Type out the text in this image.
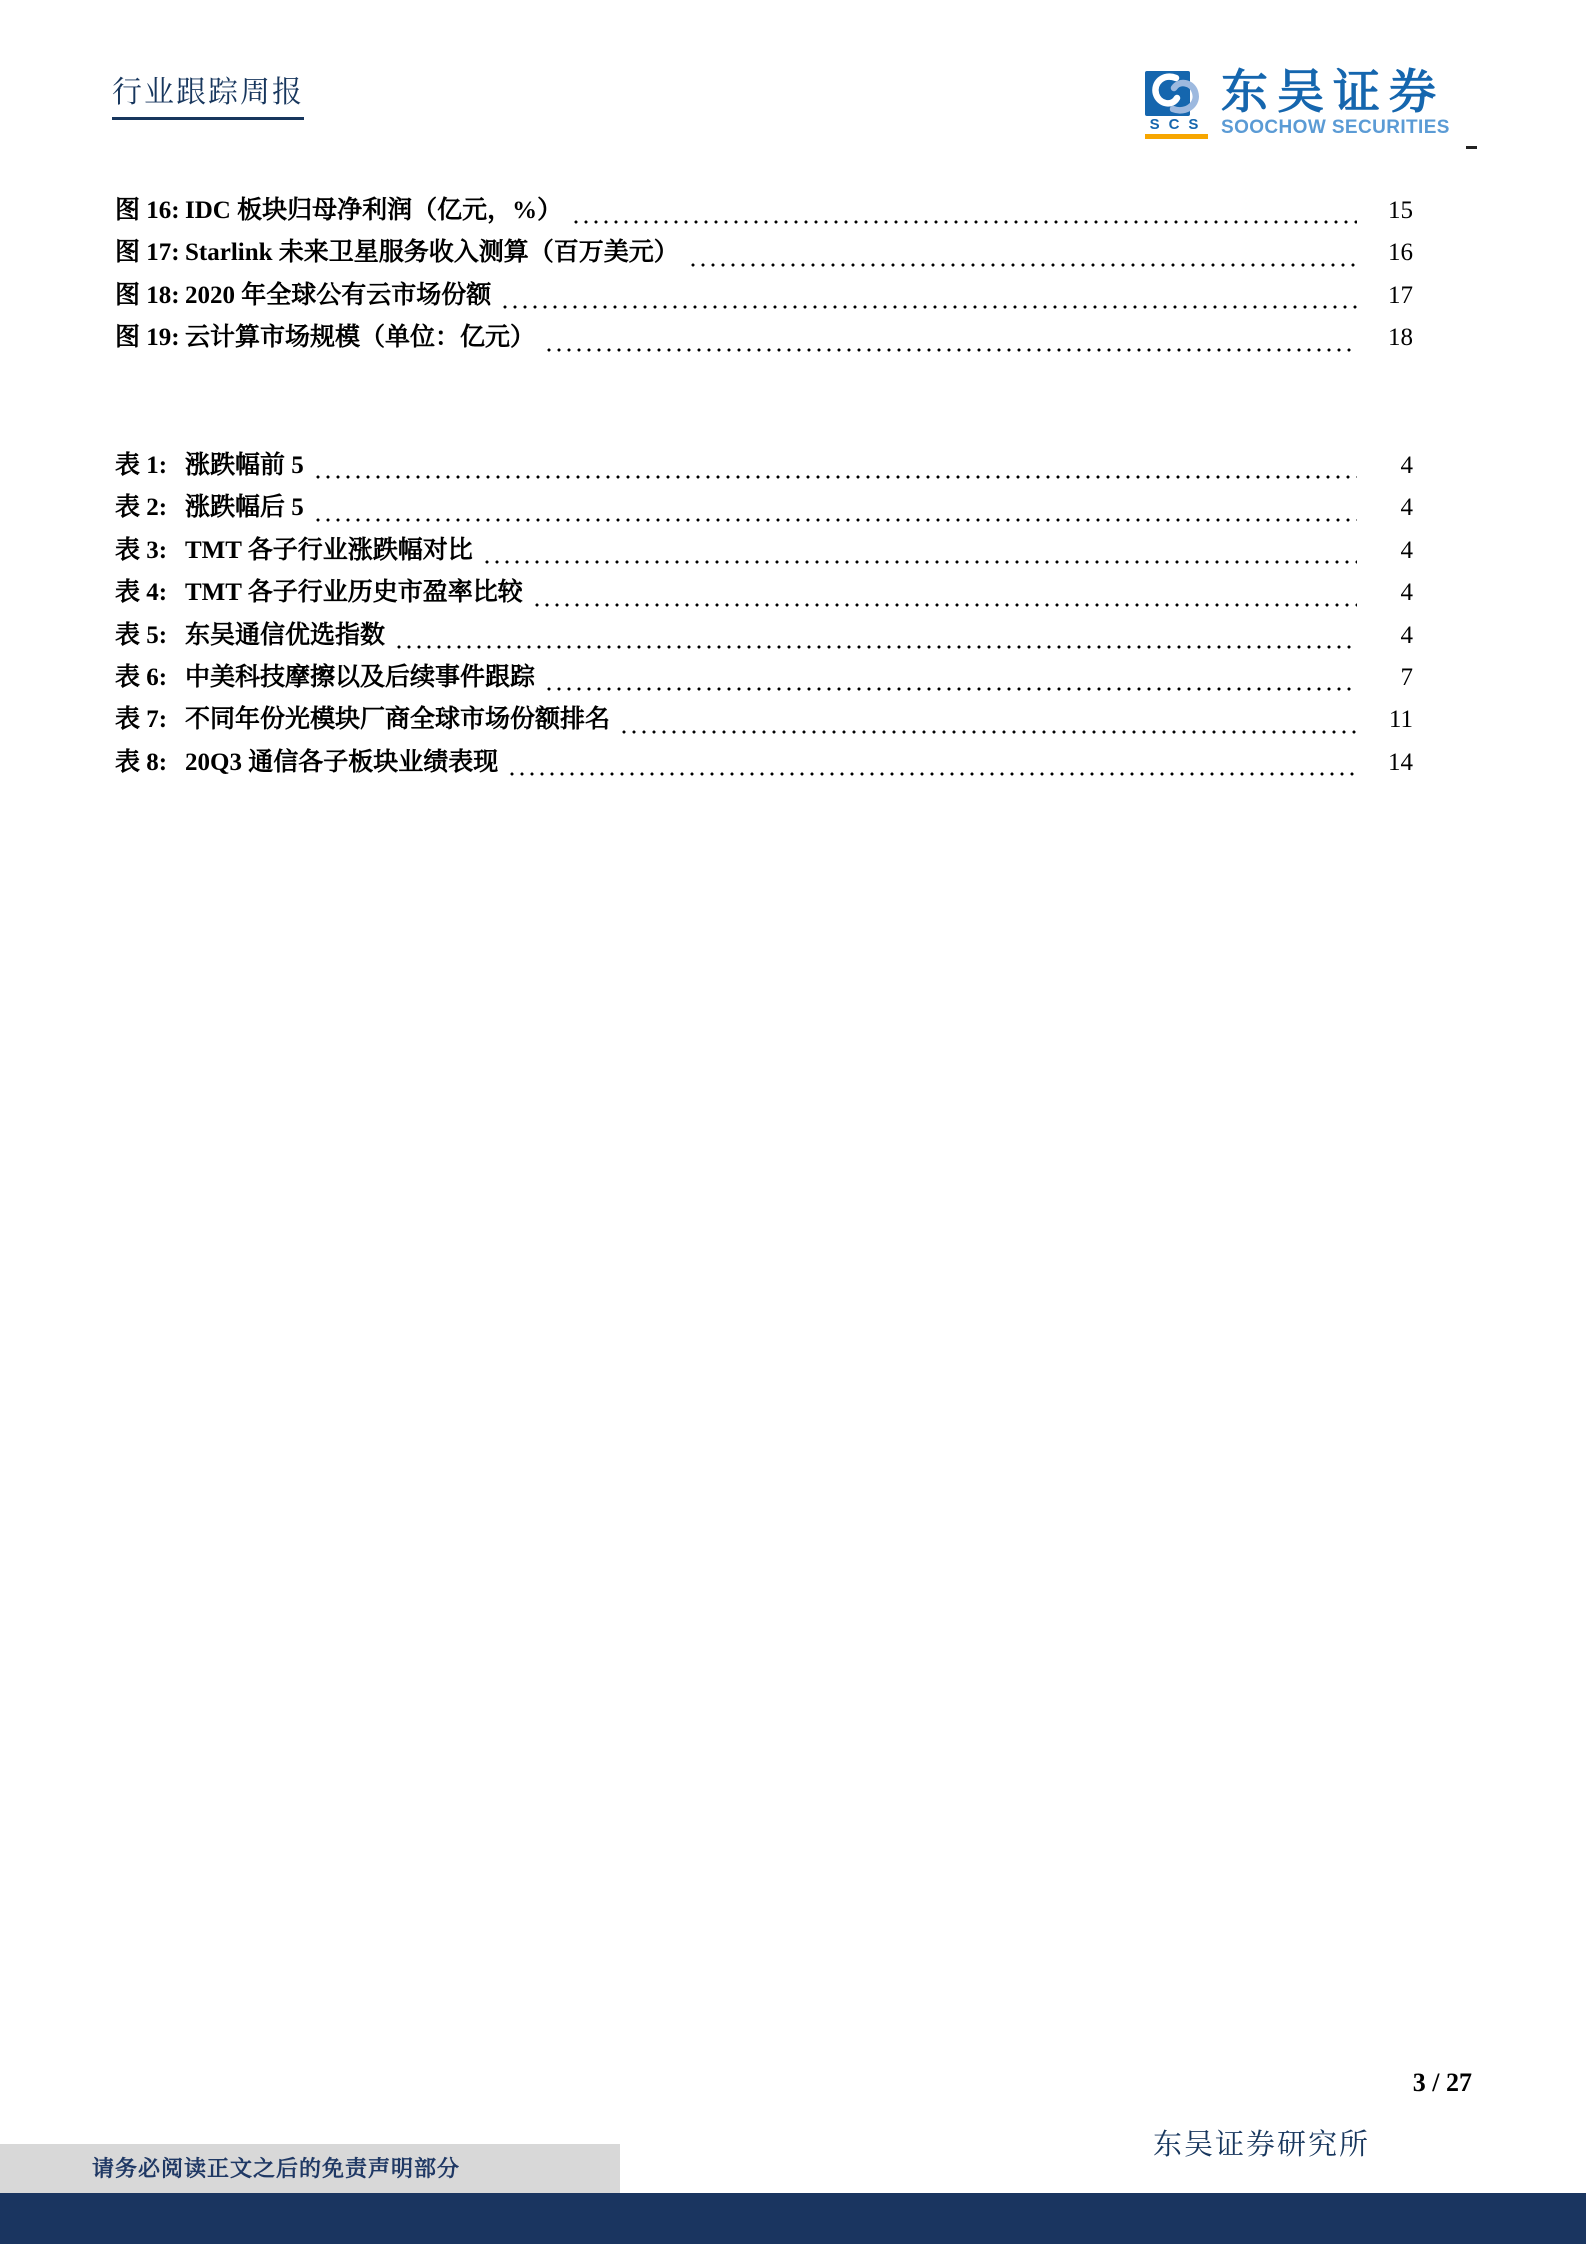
行业跟踪周报
SCS
东吴证券
SOOCHOW SECURITIES
图 16: IDC 板块归母净利润（亿元，%）	15
图 17: Starlink 未来卫星服务收入测算（百万美元）	16
图 18: 2020 年全球公有云市场份额	17
图 19: 云计算市场规模（单位：亿元）	18
表 1: 涨跌幅前 5	4
表 2: 涨跌幅后 5	4
表 3: TMT 各子行业涨跌幅对比	4
表 4: TMT 各子行业历史市盈率比较	4
表 5: 东吴通信优选指数	4
表 6: 中美科技摩擦以及后续事件跟踪	7
表 7: 不同年份光模块厂商全球市场份额排名	11
表 8: 20Q3 通信各子板块业绩表现	14
3 / 27
东吴证券研究所
请务必阅读正文之后的免责声明部分
